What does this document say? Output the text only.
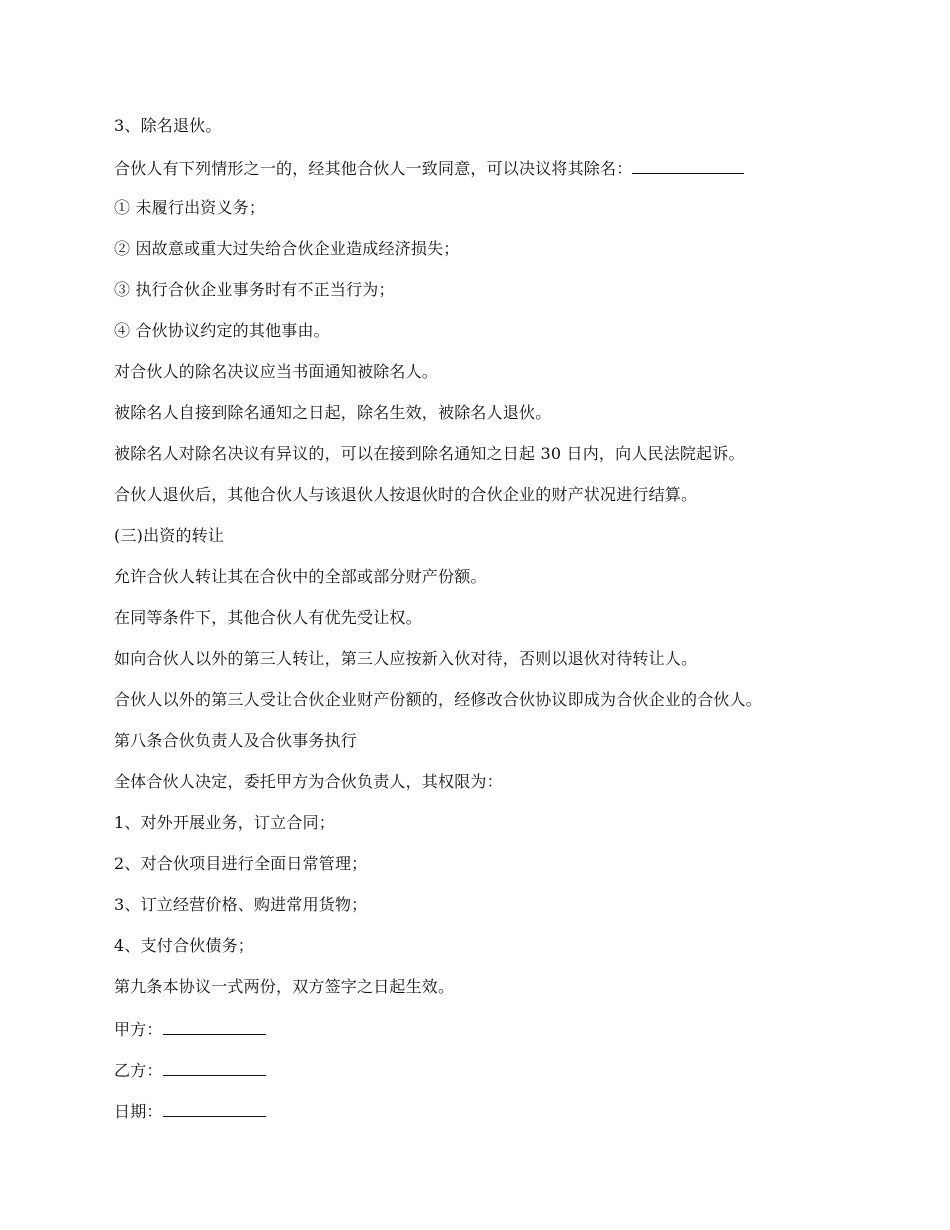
3、除名退伙。
合伙人有下列情形之一的，经其他合伙人一致同意，可以决议将其除名：
① 未履行出资义务；
② 因故意或重大过失给合伙企业造成经济损失；
③ 执行合伙企业事务时有不正当行为；
④ 合伙协议约定的其他事由。
对合伙人的除名决议应当书面通知被除名人。
被除名人自接到除名通知之日起，除名生效，被除名人退伙。
被除名人对除名决议有异议的，可以在接到除名通知之日起 30 日内，向人民法院起诉。
合伙人退伙后，其他合伙人与该退伙人按退伙时的合伙企业的财产状况进行结算。
(三)出资的转让
允许合伙人转让其在合伙中的全部或部分财产份额。
在同等条件下，其他合伙人有优先受让权。
如向合伙人以外的第三人转让，第三人应按新入伙对待，否则以退伙对待转让人。
合伙人以外的第三人受让合伙企业财产份额的，经修改合伙协议即成为合伙企业的合伙人。
第八条合伙负责人及合伙事务执行
全体合伙人决定，委托甲方为合伙负责人，其权限为：
1、对外开展业务，订立合同；
2、对合伙项目进行全面日常管理；
3、订立经营价格、购进常用货物；
4、支付合伙债务；
第九条本协议一式两份，双方签字之日起生效。
甲方：
乙方：
日期：
